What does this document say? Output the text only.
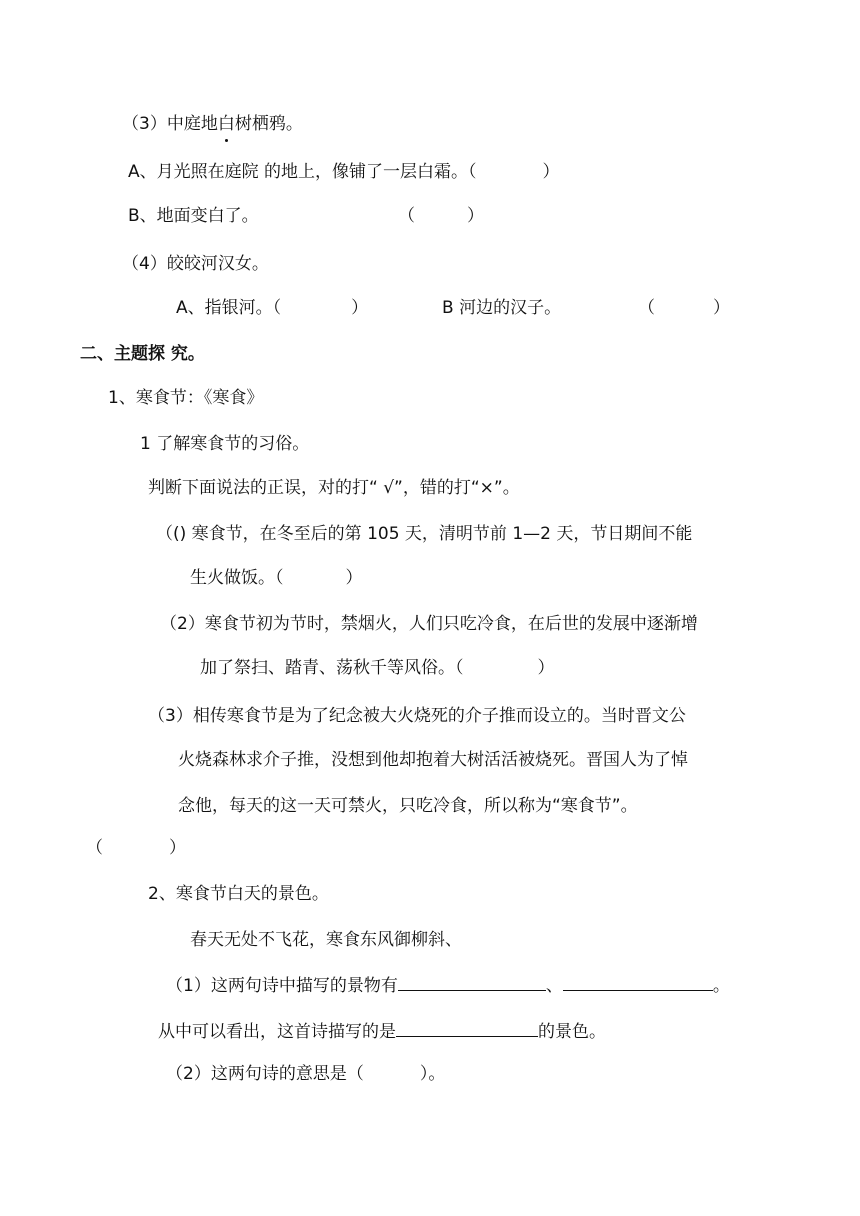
（3）中庭地白树栖鸦。
A、月光照在庭院 的地上，像铺了一层白霜。（	）
B、地面变白了。	（	）
（4）皎皎河汉女。
A、指银河。（	）	B 河边的汉子。	（	）
二、主题探 究。
1、寒食节：《寒食》
1 了解寒食节的习俗。
判断下面说法的正误，对的打“ √”，错的打“×”。
（() 寒食节，在冬至后的第 105 天，清明节前 1—2 天，节日期间不能
生火做饭。（	）
（2）寒食节初为节时，禁烟火，人们只吃冷食，在后世的发展中逐渐增
加了祭扫、踏青、荡秋千等风俗。（	）
（3）相传寒食节是为了纪念被大火烧死的介子推而设立的。当时晋文公
火烧森林求介子推，没想到他却抱着大树活活被烧死。晋国人为了悼
念他，每天的这一天可禁火，只吃冷食，所以称为“寒食节”。
（	）
2、寒食节白天的景色。
春天无处不飞花，寒食东风御柳斜、
（1）这两句诗中描写的景物有	、	。
从中可以看出，这首诗描写的是	的景色。
（2）这两句诗的意思是（	）。
